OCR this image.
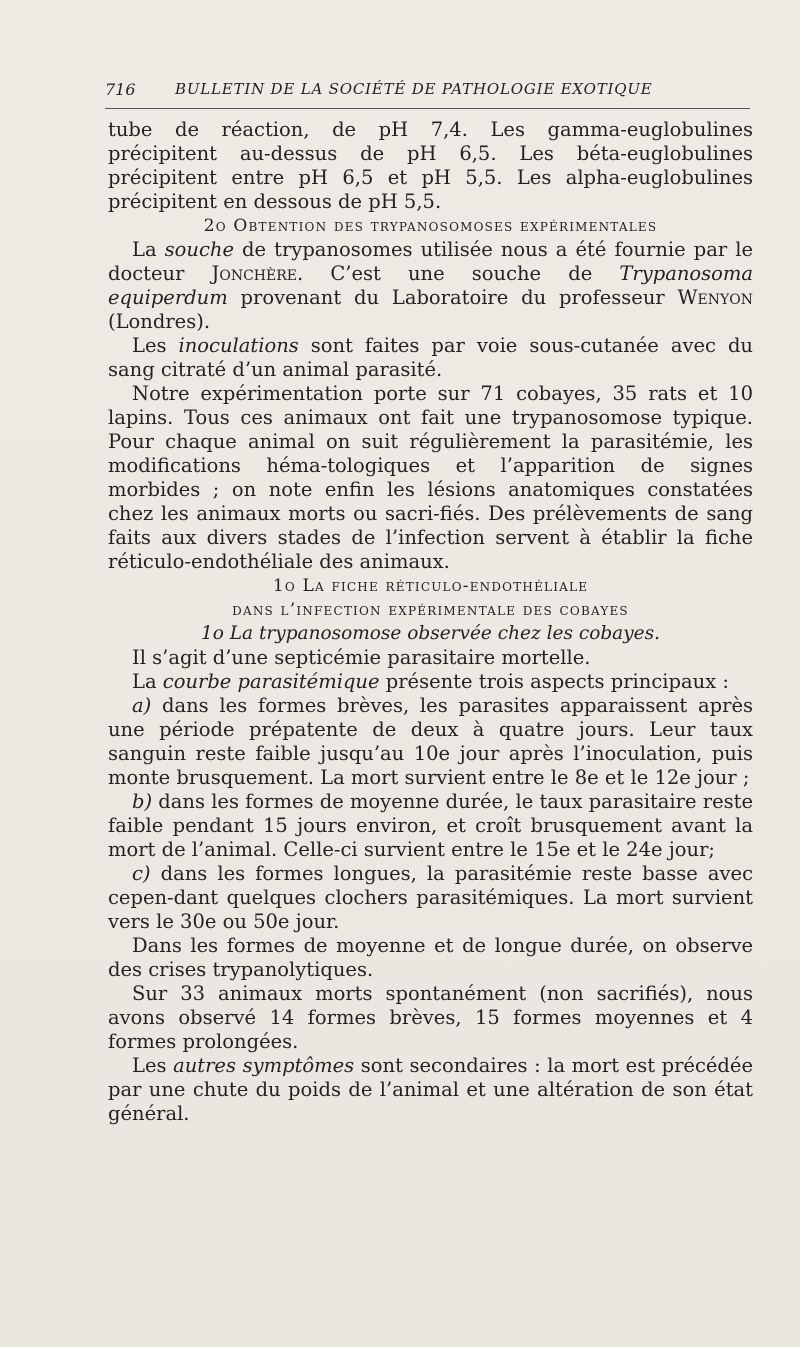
716	BULLETIN DE LA SOCIÉTÉ DE PATHOLOGIE EXOTIQUE

tube de réaction, de pH 7,4. Les gamma-euglobulines précipitent au-dessus de pH 6,5. Les béta-euglobulines précipitent entre pH 6,5 et pH 5,5. Les alpha-euglobulines précipitent en dessous de pH 5,5.

2o Obtention des trypanosomoses expérimentales

La souche de trypanosomes utilisée nous a été fournie par le docteur Jonchère. C’est une souche de Trypanosoma equiperdum provenant du Laboratoire du professeur Wenyon (Londres).

Les inoculations sont faites par voie sous-cutanée avec du sang citraté d’un animal parasité.

Notre expérimentation porte sur 71 cobayes, 35 rats et 10 lapins. Tous ces animaux ont fait une trypanosomose typique. Pour chaque animal on suit régulièrement la parasitémie, les modifications héma-tologiques et l’apparition de signes morbides ; on note enfin les lésions anatomiques constatées chez les animaux morts ou sacri-fiés. Des prélèvements de sang faits aux divers stades de l’infection servent à établir la fiche réticulo-endothéliale des animaux.

1o La fiche réticulo-endothéliale

dans l’infection expérimentale des cobayes

1o La trypanosomose observée chez les cobayes.

Il s’agit d’une septicémie parasitaire mortelle.

La courbe parasitémique présente trois aspects principaux :

a) dans les formes brèves, les parasites apparaissent après une période prépatente de deux à quatre jours. Leur taux sanguin reste faible jusqu’au 10e jour après l’inoculation, puis monte brusquement. La mort survient entre le 8e et le 12e jour ;

b) dans les formes de moyenne durée, le taux parasitaire reste faible pendant 15 jours environ, et croît brusquement avant la mort de l’animal. Celle-ci survient entre le 15e et le 24e jour;

c) dans les formes longues, la parasitémie reste basse avec cepen-dant quelques clochers parasitémiques. La mort survient vers le 30e ou 50e jour.

Dans les formes de moyenne et de longue durée, on observe des crises trypanolytiques.

Sur 33 animaux morts spontanément (non sacrifiés), nous avons observé 14 formes brèves, 15 formes moyennes et 4 formes prolongées.

Les autres symptômes sont secondaires : la mort est précédée par une chute du poids de l’animal et une altération de son état général.
